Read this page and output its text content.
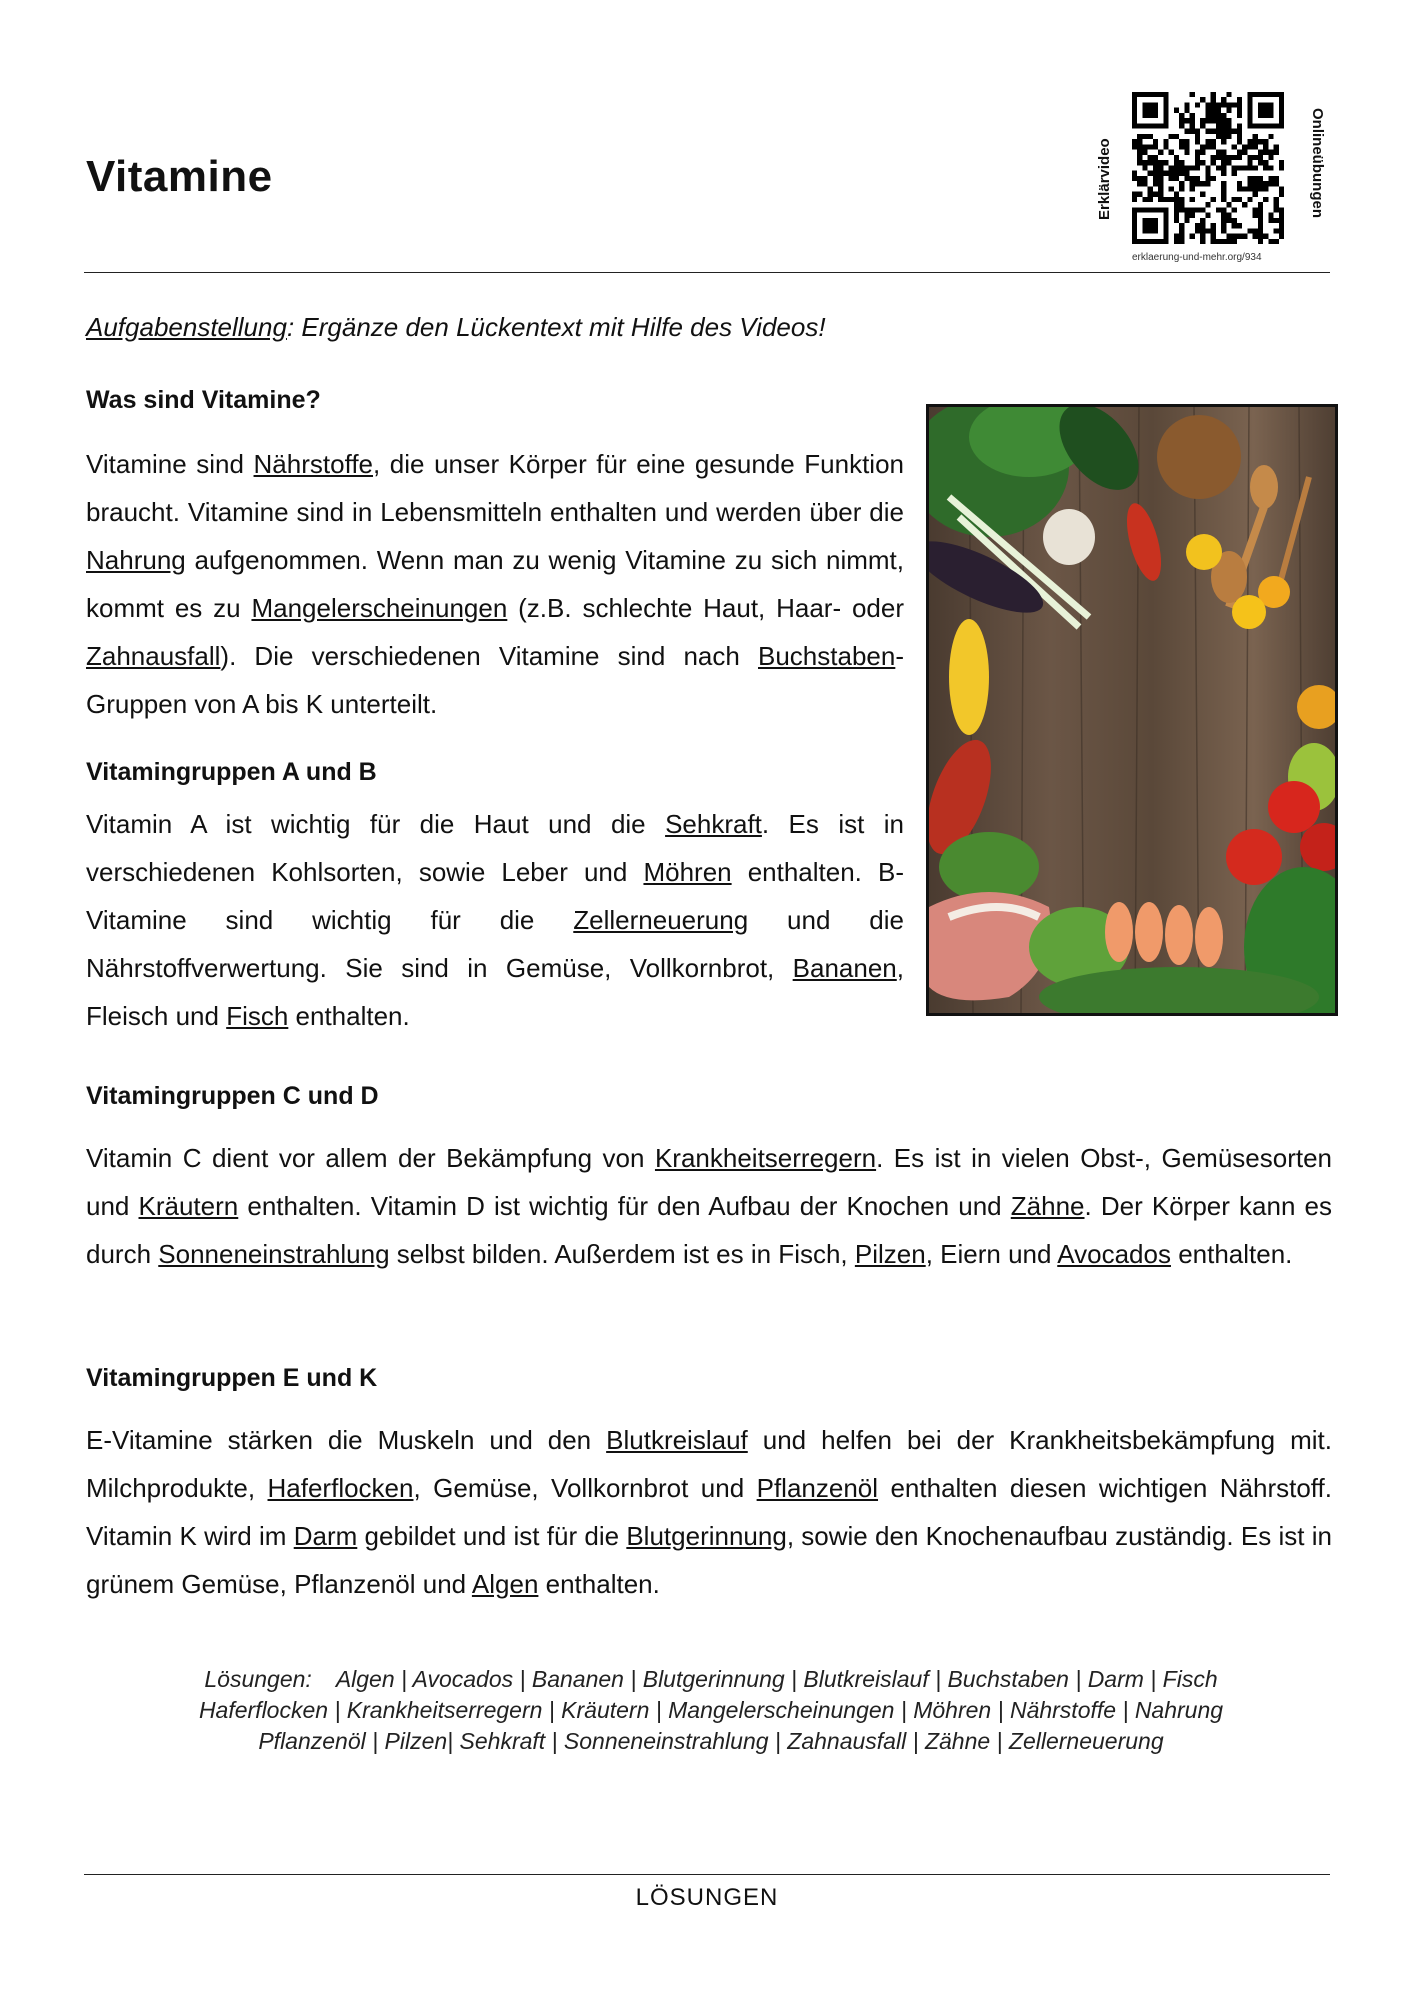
Vitamine	Erklärvideo	Onlineübungen
erklaerung-und-mehr.org/934
Aufgabenstellung: Ergänze den Lückentext mit Hilfe des Videos!
Was sind Vitamine?
Vitamine sind Nährstoffe, die unser Körper für eine gesunde Funktion braucht. Vitamine sind in Lebensmitteln enthalten und werden über die Nahrung aufgenommen. Wenn man zu wenig Vitamine zu sich nimmt, kommt es zu Mangelerscheinungen (z.B. schlechte Haut, Haar- oder Zahnausfall). Die verschiedenen Vitamine sind nach Buchstaben-Gruppen von A bis K unterteilt.
Vitamingruppen A und B
Vitamin A ist wichtig für die Haut und die Sehkraft. Es ist in verschiedenen Kohlsorten, sowie Leber und Möhren enthalten. B-Vitamine sind wichtig für die Zellerneuerung und die Nährstoffverwertung. Sie sind in Gemüse, Vollkornbrot, Bananen, Fleisch und Fisch enthalten.
Vitamingruppen C und D
Vitamin C dient vor allem der Bekämpfung von Krankheitserregern. Es ist in vielen Obst-, Gemüsesorten und Kräutern enthalten. Vitamin D ist wichtig für den Aufbau der Knochen und Zähne. Der Körper kann es durch Sonneneinstrahlung selbst bilden. Außerdem ist es in Fisch, Pilzen, Eiern und Avocados enthalten.
Vitamingruppen E und K
E-Vitamine stärken die Muskeln und den Blutkreislauf und helfen bei der Krankheitsbekämpfung mit. Milchprodukte, Haferflocken, Gemüse, Vollkornbrot und Pflanzenöl enthalten diesen wichtigen Nährstoff. Vitamin K wird im Darm gebildet und ist für die Blutgerinnung, sowie den Knochenaufbau zuständig. Es ist in grünem Gemüse, Pflanzenöl und Algen enthalten.
Lösungen: Algen | Avocados | Bananen | Blutgerinnung | Blutkreislauf | Buchstaben | Darm | Fisch
Haferflocken | Krankheitserregern | Kräutern | Mangelerscheinungen | Möhren | Nährstoffe | Nahrung
Pflanzenöl | Pilzen| Sehkraft | Sonneneinstrahlung | Zahnausfall | Zähne | Zellerneuerung
LÖSUNGEN
